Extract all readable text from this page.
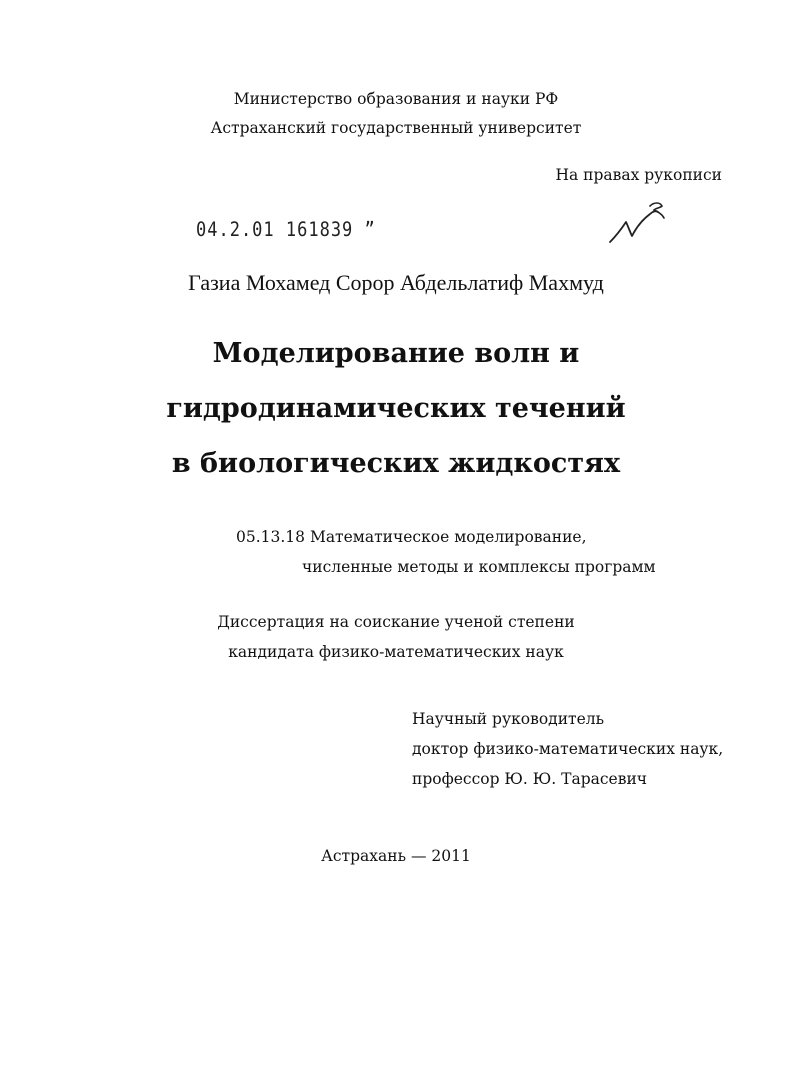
Министерство образования и науки РФ
Астраханский государственный университет
На правах рукописи
04.2.01 161839 ˮ
Газиа Мохамед Сорор Абдельлатиф Махмуд
Моделирование волн и
гидродинамических течений
в биологических жидкостях
05.13.18 Математическое моделирование,
численные методы и комплексы программ
Диссертация на соискание ученой степени
кандидата физико-математических наук
Научный руководитель
доктор физико-математических наук,
профессор Ю. Ю. Тарасевич
Астрахань — 2011
